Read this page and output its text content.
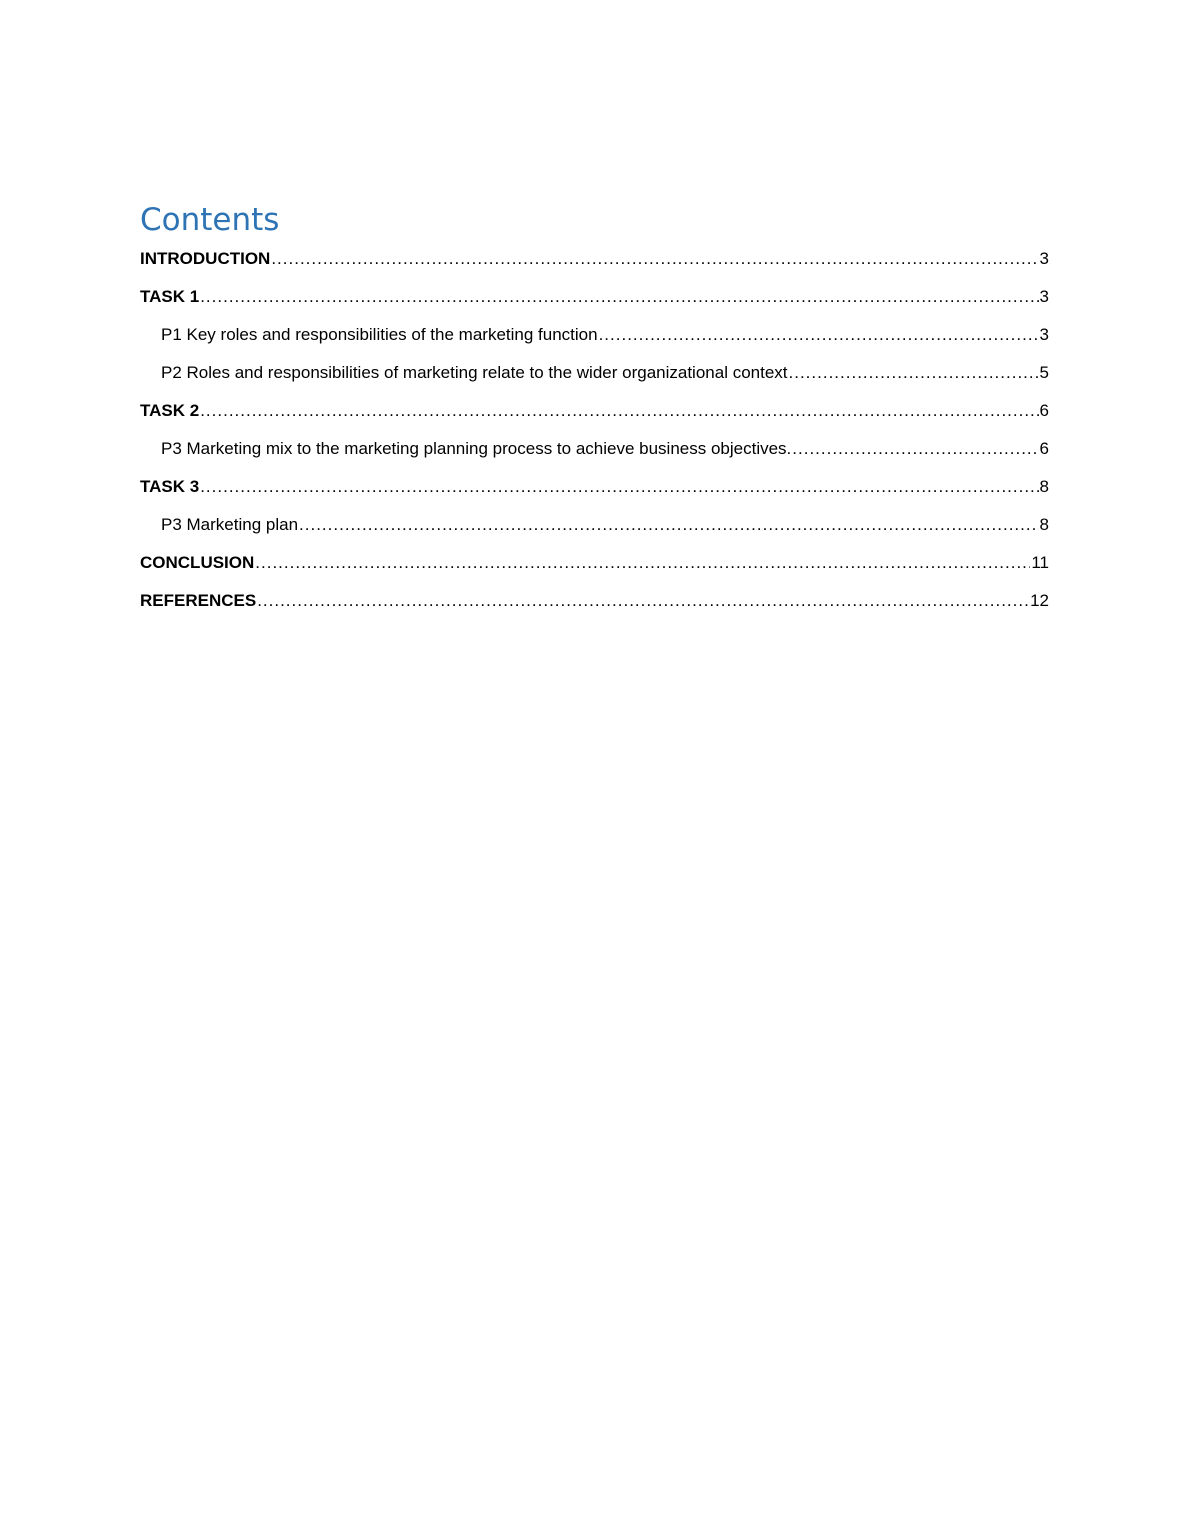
Contents
INTRODUCTION .....	3
TASK 1 .....	3
P1 Key roles and responsibilities of the marketing function .....	3
P2 Roles and responsibilities of marketing relate to the wider organizational context .....	5
TASK 2 .....	6
P3 Marketing mix to the marketing planning process to achieve business objectives. .....	6
TASK 3 .....	8
P3 Marketing plan .....	8
CONCLUSION .....	11
REFERENCES .....	12
